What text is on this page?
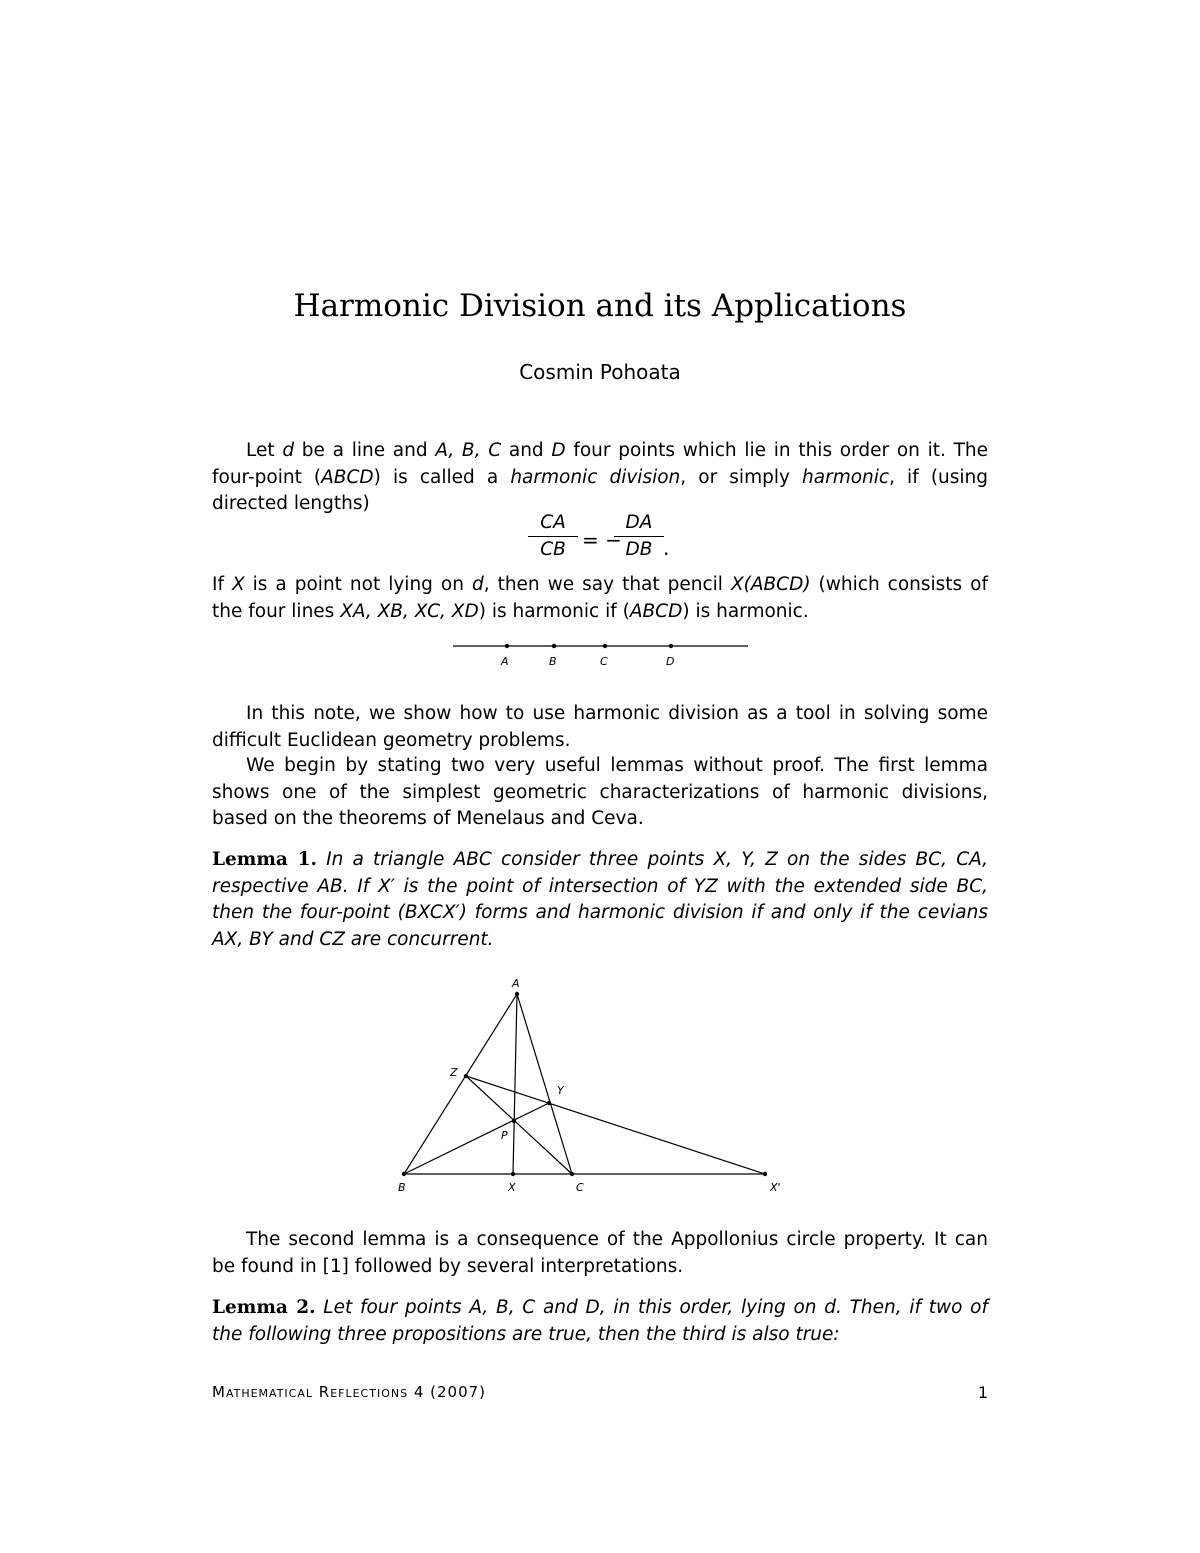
Harmonic Division and its Applications
Cosmin Pohoata

Let d be a line and A, B, C and D four points which lie in this order on it. The four-point (ABCD) is called a harmonic division, or simply harmonic, if (using directed lengths)

$\frac{CA}{CB}$ = −
$\frac{DA}{DB}$ .

If X is a point not lying on d, then we say that pencil X(ABCD) (which consists of the four lines XA, XB, XC, XD) is harmonic if (ABCD) is harmonic.

A	B	C	D
A
B	X	C	X'
Z
Y
P

In this note, we show how to use harmonic division as a tool in solving some difficult Euclidean geometry problems.

We begin by stating two very useful lemmas without proof. The first lemma shows one of the simplest geometric characterizations of harmonic divisions, based on the theorems of Menelaus and Ceva.

Lemma 1. In a triangle ABC consider three points X, Y, Z on the sides BC, CA, respective AB. If X′ is the point of intersection of YZ with the extended side BC, then the four-point (BXCX′) forms and harmonic division if and only if the cevians AX, BY and CZ are concurrent.

The second lemma is a consequence of the Appollonius circle property. It can be found in [1] followed by several interpretations.

Lemma 2. Let four points A, B, C and D, in this order, lying on d. Then, if two of the following three propositions are true, then the third is also true:

Mathematical Reflections 4 (2007)	1
